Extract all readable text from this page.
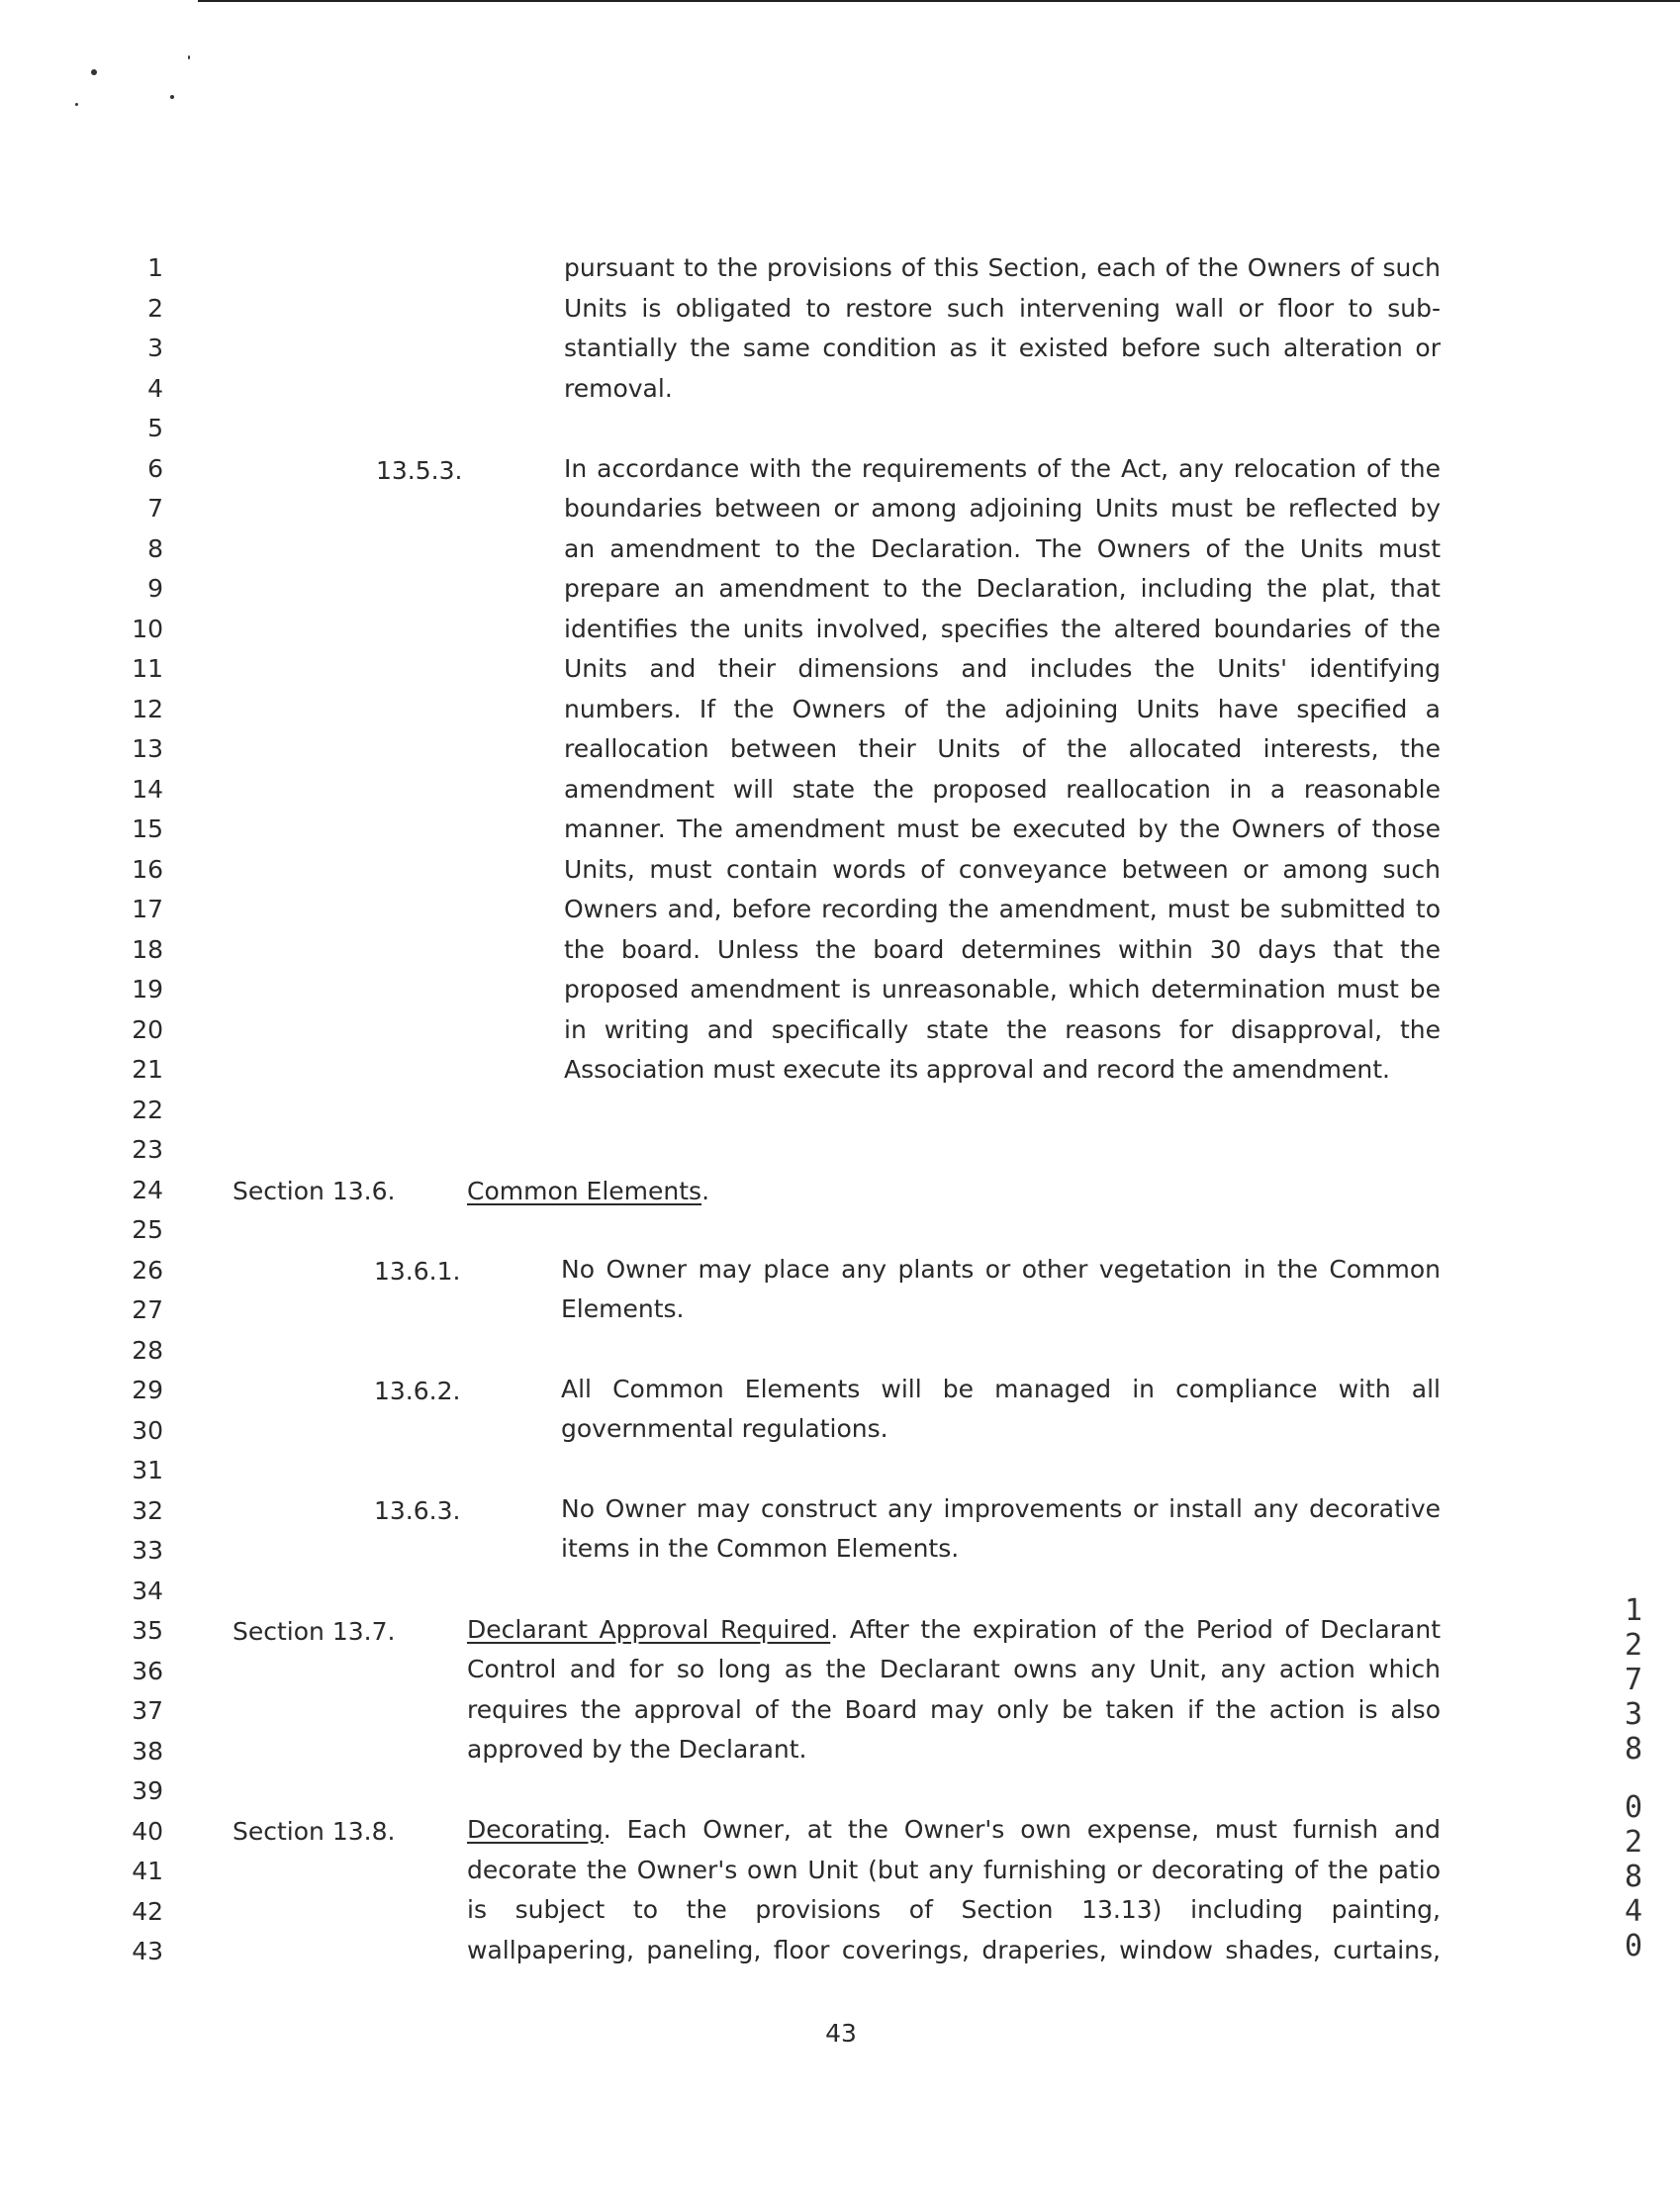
1
2
3
4
5
6
7
8
9
10
11
12
13
14
15
16
17
18
19
20
21
22
23
24
25
26
27
28
29
30
31
32
33
34
35
36
37
38
39
40
41
42
43
pursuant to the provisions of this Section, each of the Owners of such
Units is obligated to restore such intervening wall or floor to sub-
stantially the same condition as it existed before such alteration or
removal.
13.5.3.	In accordance with the requirements of the Act, any relocation of the
boundaries between or among adjoining Units must be reflected by
an amendment to the Declaration. The Owners of the Units must
prepare an amendment to the Declaration, including the plat, that
identifies the units involved, specifies the altered boundaries of the
Units and their dimensions and includes the Units' identifying
numbers. If the Owners of the adjoining Units have specified a
reallocation between their Units of the allocated interests, the
amendment will state the proposed reallocation in a reasonable
manner. The amendment must be executed by the Owners of those
Units, must contain words of conveyance between or among such
Owners and, before recording the amendment, must be submitted to
the board. Unless the board determines within 30 days that the
proposed amendment is unreasonable, which determination must be
in writing and specifically state the reasons for disapproval, the
Association must execute its approval and record the amendment.
Section 13.6.	Common Elements.
13.6.1.	No Owner may place any plants or other vegetation in the Common
Elements.
13.6.2.	All Common Elements will be managed in compliance with all
governmental regulations.
13.6.3.	No Owner may construct any improvements or install any decorative
items in the Common Elements.
Section 13.7.	Declarant Approval Required. After the expiration of the Period of Declarant
Control and for so long as the Declarant owns any Unit, any action which
requires the approval of the Board may only be taken if the action is also
approved by the Declarant.
Section 13.8.	Decorating. Each Owner, at the Owner's own expense, must furnish and
decorate the Owner's own Unit (but any furnishing or decorating of the patio
is subject to the provisions of Section 13.13) including painting,
wallpapering, paneling, floor coverings, draperies, window shades, curtains,
43
1
2
7
3
8
0
2
8
4
0
